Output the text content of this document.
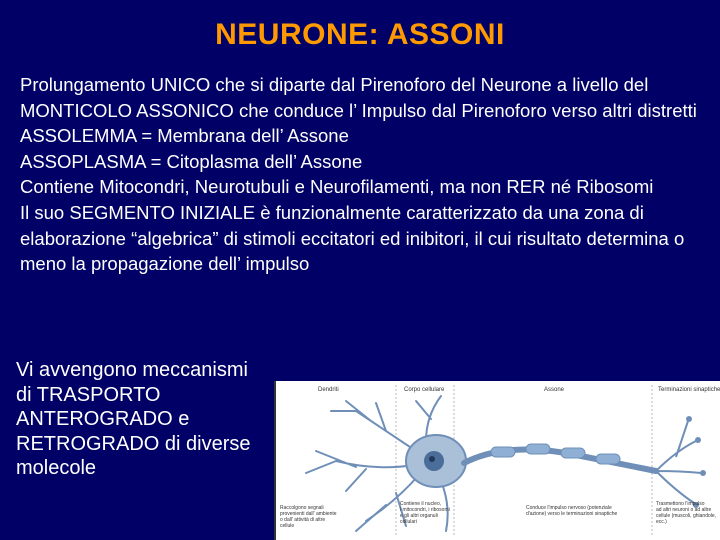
NEURONE: ASSONI
Prolungamento UNICO che si diparte dal Pirenoforo del Neurone a livello del MONTICOLO ASSONICO che conduce l’ Impulso dal Pirenoforo verso altri distretti
ASSOLEMMA = Membrana dell’ Assone
ASSOPLASMA = Citoplasma dell’ Assone
Contiene Mitocondri, Neurotubuli e Neurofilamenti, ma non RER né Ribosomi
Il suo SEGMENTO INIZIALE è funzionalmente caratterizzato da una zona di elaborazione “algebrica” di stimoli eccitatori ed inibitori, il cui risultato determina o meno la propagazione dell’ impulso
Vi avvengono meccanismi di TRASPORTO ANTEROGRADO e RETROGRADO di diverse molecole
Dendriti	Corpo cellulare	Assone	Terminazioni sinaptiche
Raccolgono segnali provenienti dall' ambiente o dall' attività di altre cellule
Contiene il nucleo, i mitocondri, i ribosomi e gli altri organuli cellulari
Conduce l'impulso nervoso (potenziale d'azione) verso le terminazioni sinaptiche
Trasmettono l'impulso ad altri neuroni o ad altre cellule (muscoli, ghiandole, ecc.)
